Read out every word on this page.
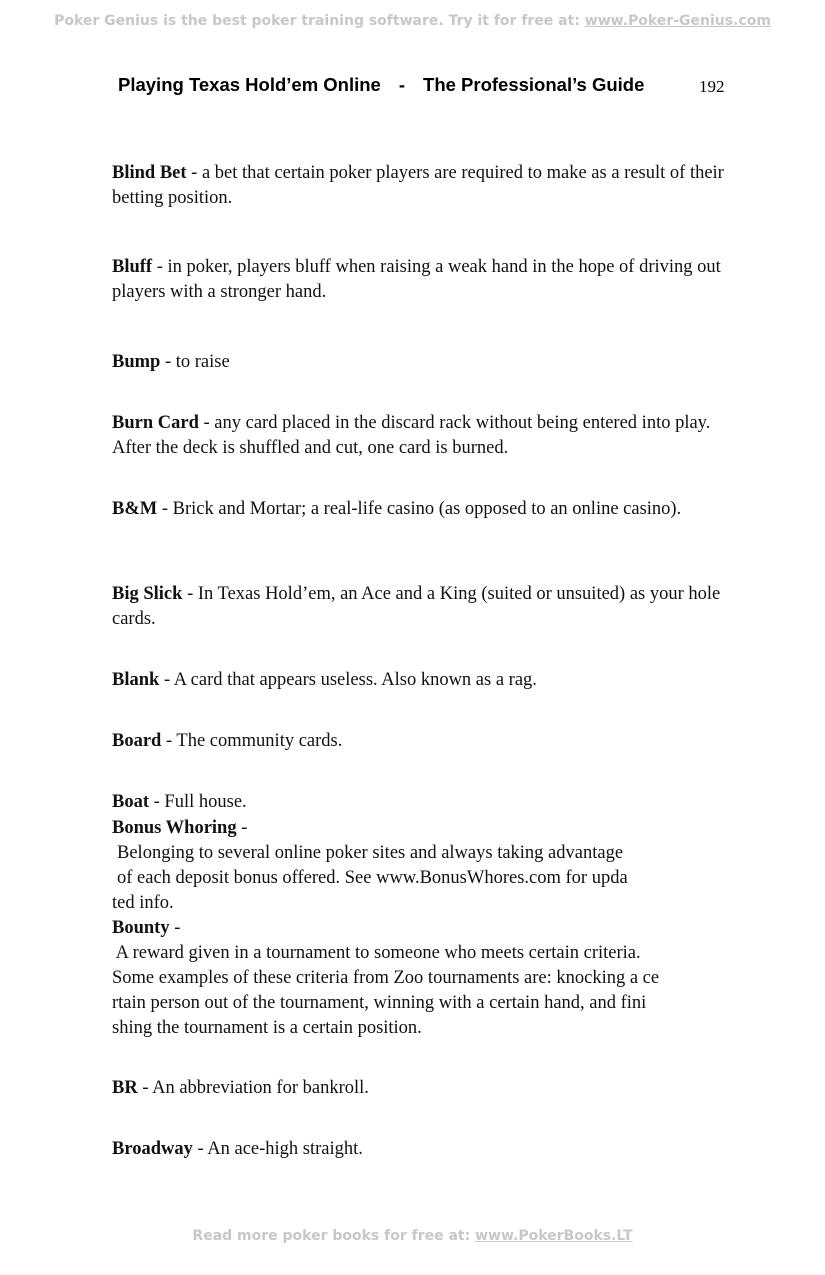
Poker Genius is the best poker training software. Try it for free at: www.Poker-Genius.com
Playing Texas Hold’em Online - The Professional’s Guide	192
Blind Bet - a bet that certain poker players are required to make as a result of their betting position.
Bluff - in poker, players bluff when raising a weak hand in the hope of driving out players with a stronger hand.
Bump - to raise
Burn Card - any card placed in the discard rack without being entered into play. After the deck is shuffled and cut, one card is burned.
B&M - Brick and Mortar; a real-life casino (as opposed to an online casino).
Big Slick - In Texas Hold’em, an Ace and a King (suited or unsuited) as your hole cards.
Blank - A card that appears useless. Also known as a rag.
Board - The community cards.
Boat - Full house.
Bonus Whoring -
Belonging to several online poker sites and always taking advantage
of each deposit bonus offered. See www.BonusWhores.com for upda
ted info.
Bounty -
A reward given in a tournament to someone who meets certain criteria.
Some examples of these criteria from Zoo tournaments are: knocking a ce
rtain person out of the tournament, winning with a certain hand, and fini
shing the tournament is a certain position.
BR - An abbreviation for bankroll.
Broadway - An ace-high straight.
Read more poker books for free at: www.PokerBooks.LT
